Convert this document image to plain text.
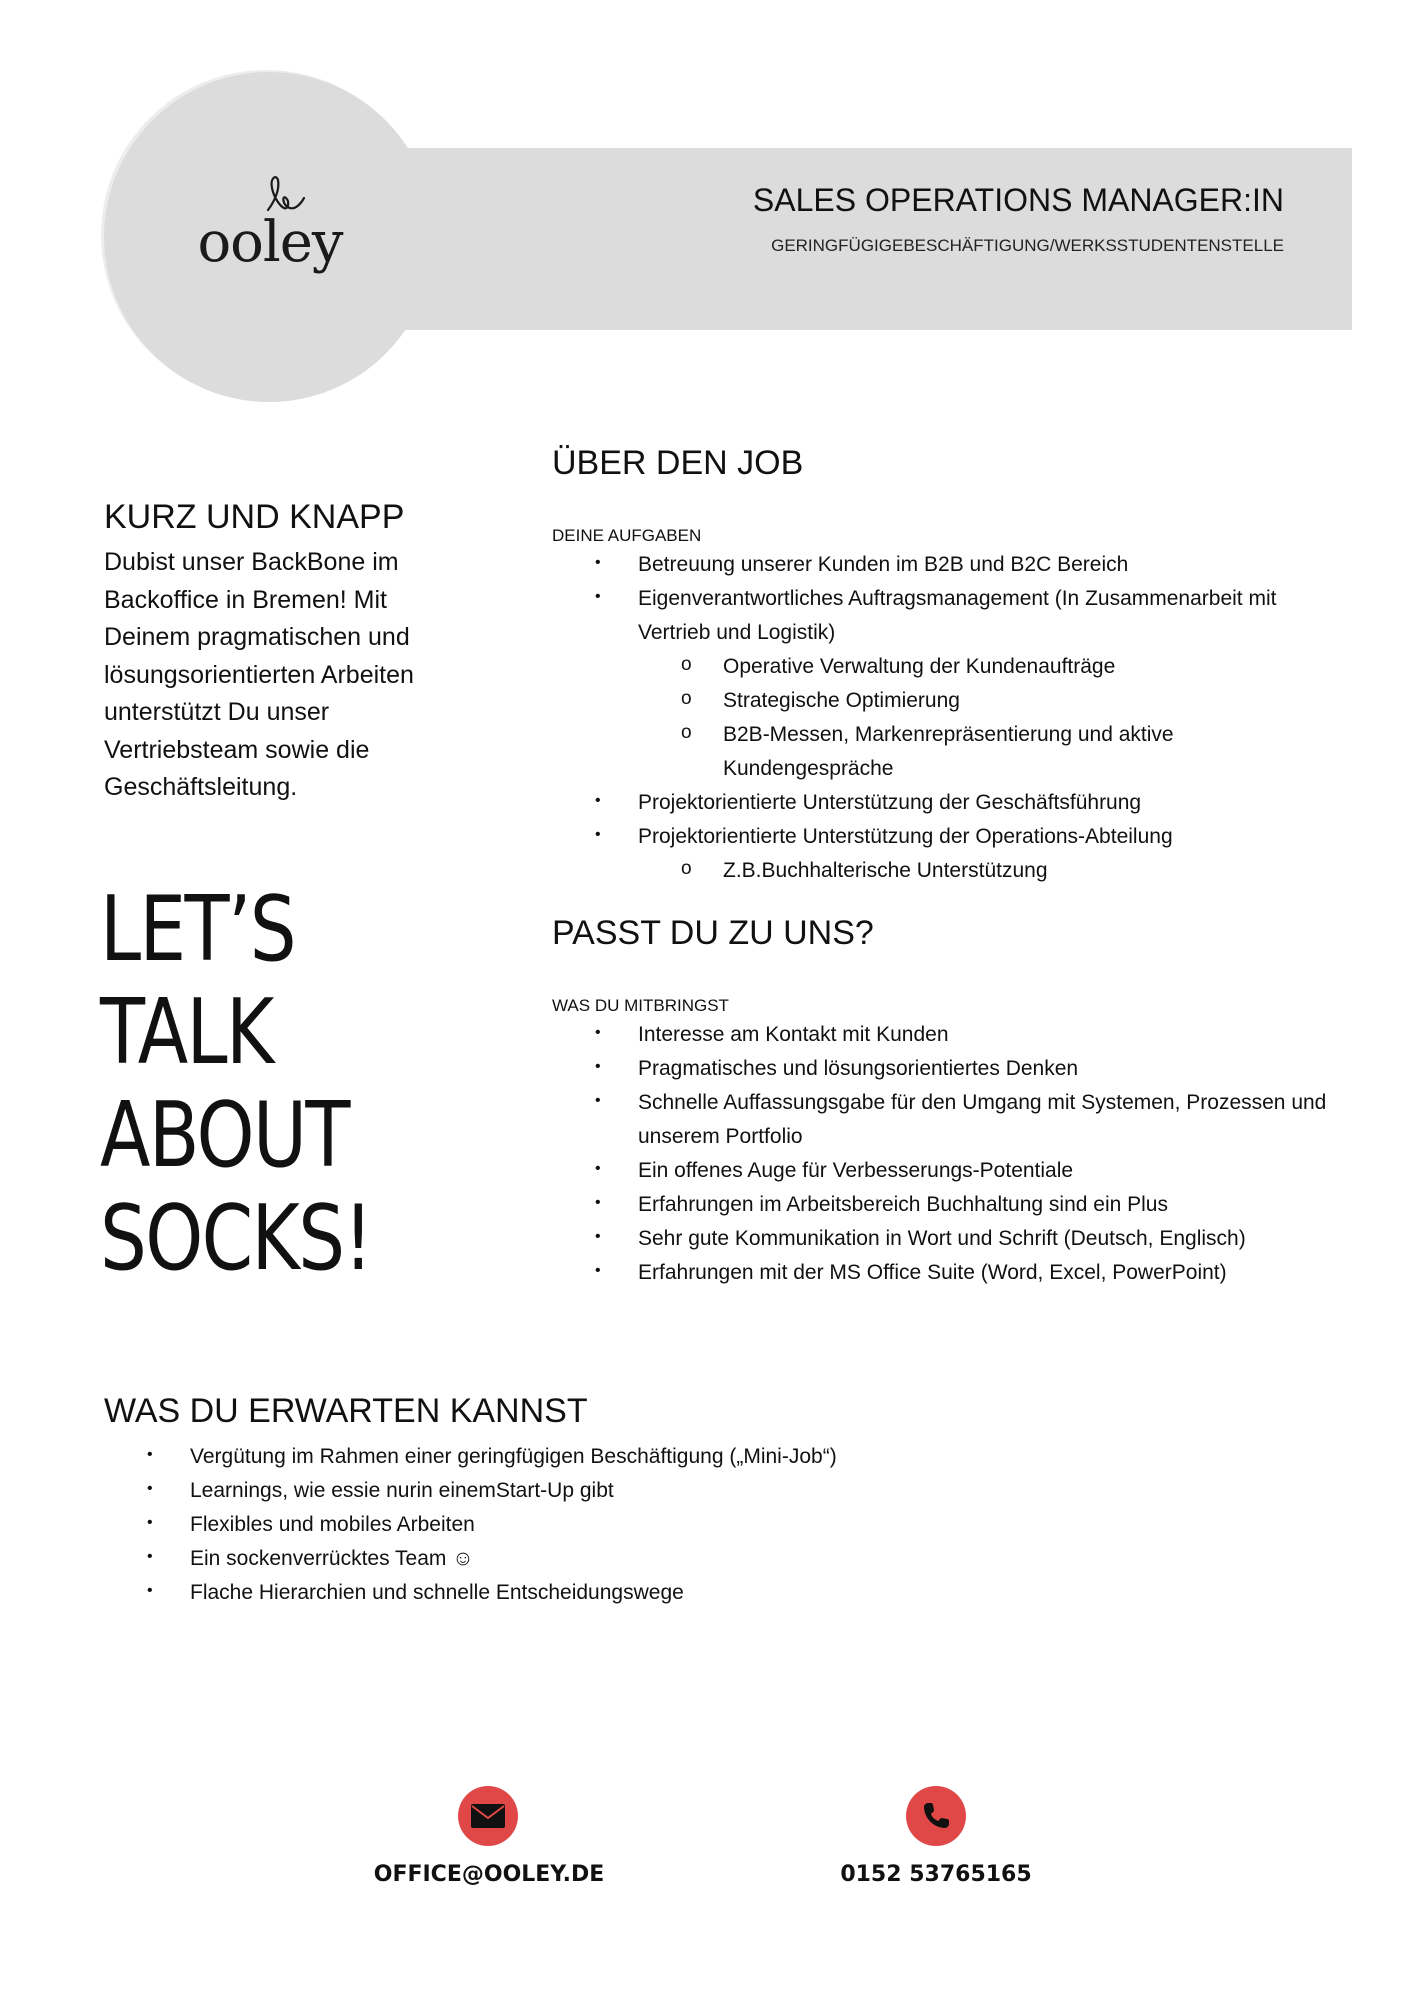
ooley
SALES OPERATIONS MANAGER:IN
GERINGFÜGIGEBESCHÄFTIGUNG/WERKSSTUDENTENSTELLE
KURZ UND KNAPP
Dubist unser BackBone im Backoffice in Bremen! Mit Deinem pragmatischen und lösungsorientierten Arbeiten unterstützt Du unser Vertriebsteam sowie die Geschäftsleitung.
LET’S
TALK
ABOUT
SOCKS!
ÜBER DEN JOB
DEINE AUFGABEN
• Betreuung unserer Kunden im B2B und B2C Bereich
• Eigenverantwortliches Auftragsmanagement (In Zusammenarbeit mit Vertrieb und Logistik)
o Operative Verwaltung der Kundenaufträge
o Strategische Optimierung
o B2B-Messen, Markenrepräsentierung und aktive Kundengespräche
• Projektorientierte Unterstützung der Geschäftsführung
• Projektorientierte Unterstützung der Operations-Abteilung
o Z.B.Buchhalterische Unterstützung
PASST DU ZU UNS?
WAS DU MITBRINGST
• Interesse am Kontakt mit Kunden
• Pragmatisches und lösungsorientiertes Denken
• Schnelle Auffassungsgabe für den Umgang mit Systemen, Prozessen und unserem Portfolio
• Ein offenes Auge für Verbesserungs-Potentiale
• Erfahrungen im Arbeitsbereich Buchhaltung sind ein Plus
• Sehr gute Kommunikation in Wort und Schrift (Deutsch, Englisch)
• Erfahrungen mit der MS Office Suite (Word, Excel, PowerPoint)
WAS DU ERWARTEN KANNST
• Vergütung im Rahmen einer geringfügigen Beschäftigung („Mini-Job“)
• Learnings, wie essie nurin einemStart-Up gibt
• Flexibles und mobiles Arbeiten
• Ein sockenverrücktes Team ☺
• Flache Hierarchien und schnelle Entscheidungswege
OFFICE@OOLEY.DE	0152 53765165
